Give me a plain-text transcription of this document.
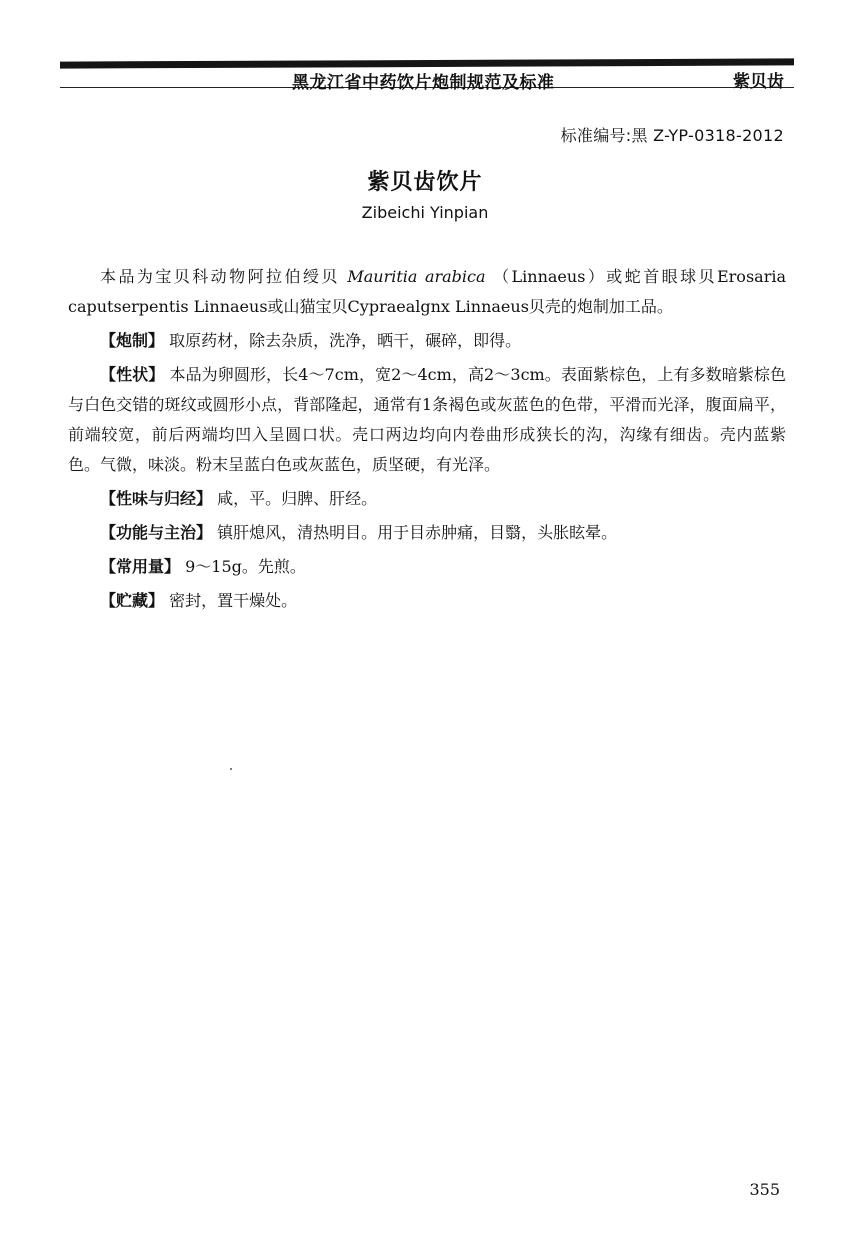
黑龙江省中药饮片炮制规范及标准	紫贝齿
标准编号:黑 Z-YP-0318-2012
紫贝齿饮片
Zibeichi Yinpian

本品为宝贝科动物阿拉伯绶贝 Mauritia arabica （Linnaeus）或蛇首眼球贝Erosaria caputserpentis Linnaeus或山猫宝贝Cypraealgnx Linnaeus贝壳的炮制加工品。

【炮制】 取原药材，除去杂质，洗净，晒干，碾碎，即得。

【性状】 本品为卵圆形，长4～7cm，宽2～4cm，高2～3cm。表面紫棕色，上有多数暗紫棕色与白色交错的斑纹或圆形小点，背部隆起，通常有1条褐色或灰蓝色的色带，平滑而光泽，腹面扁平，前端较宽，前后两端均凹入呈圆口状。壳口两边均向内卷曲形成狭长的沟，沟缘有细齿。壳内蓝紫色。气微，味淡。粉末呈蓝白色或灰蓝色，质坚硬，有光泽。

【性味与归经】 咸，平。归脾、肝经。

【功能与主治】 镇肝熄风，清热明目。用于目赤肿痛，目翳，头胀眩晕。

【常用量】 9～15g。先煎。

【贮藏】 密封，置干燥处。

355
